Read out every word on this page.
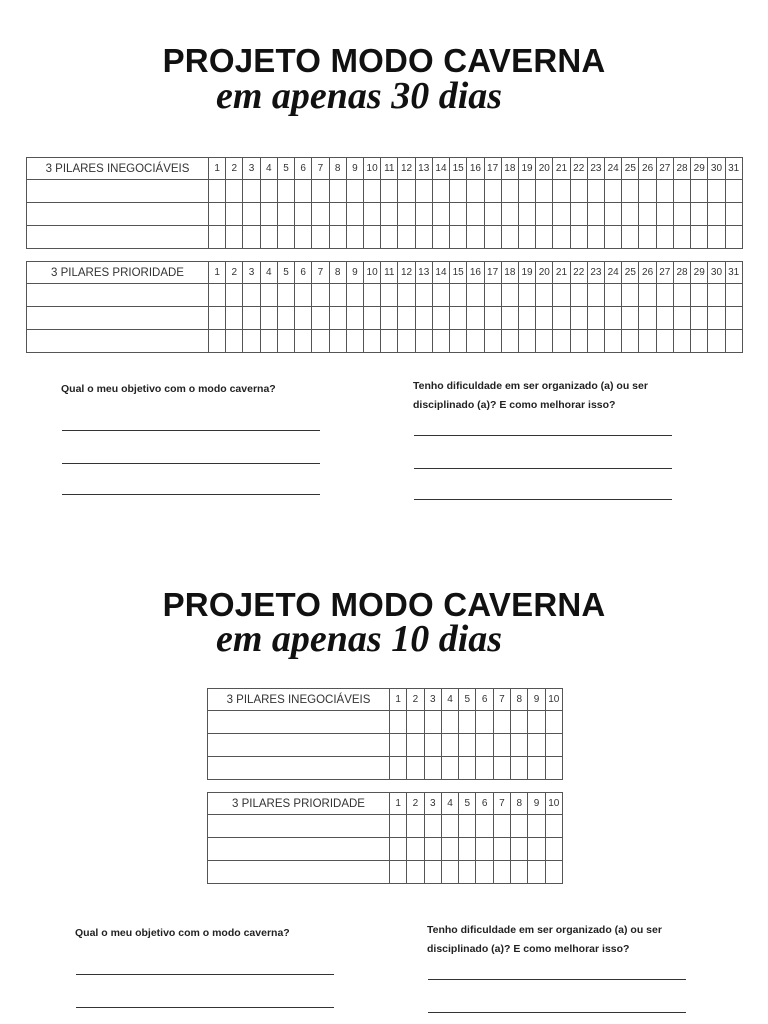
PROJETO MODO CAVERNA
em apenas 30 dias
3 PILARES INEGOCIÁVEIS	1	2	3	4	5	6	7	8	9	10	11	12	13	14	15	16	17	18	19	20	21	22	23	24	25	26	27	28	29	30	31

3 PILARES PRIORIDADE	1	2	3	4	5	6	7	8	9	10	11	12	13	14	15	16	17	18	19	20	21	22	23	24	25	26	27	28	29	30	31

Qual o meu objetivo com o modo caverna?	Tenho dificuldade em ser organizado (a) ou ser disciplinado (a)? E como melhorar isso?
PROJETO MODO CAVERNA
em apenas 10 dias
3 PILARES INEGOCIÁVEIS	1	2	3	4	5	6	7	8	9	10

3 PILARES PRIORIDADE	1	2	3	4	5	6	7	8	9	10

Qual o meu objetivo com o modo caverna?	Tenho dificuldade em ser organizado (a) ou ser disciplinado (a)? E como melhorar isso?
